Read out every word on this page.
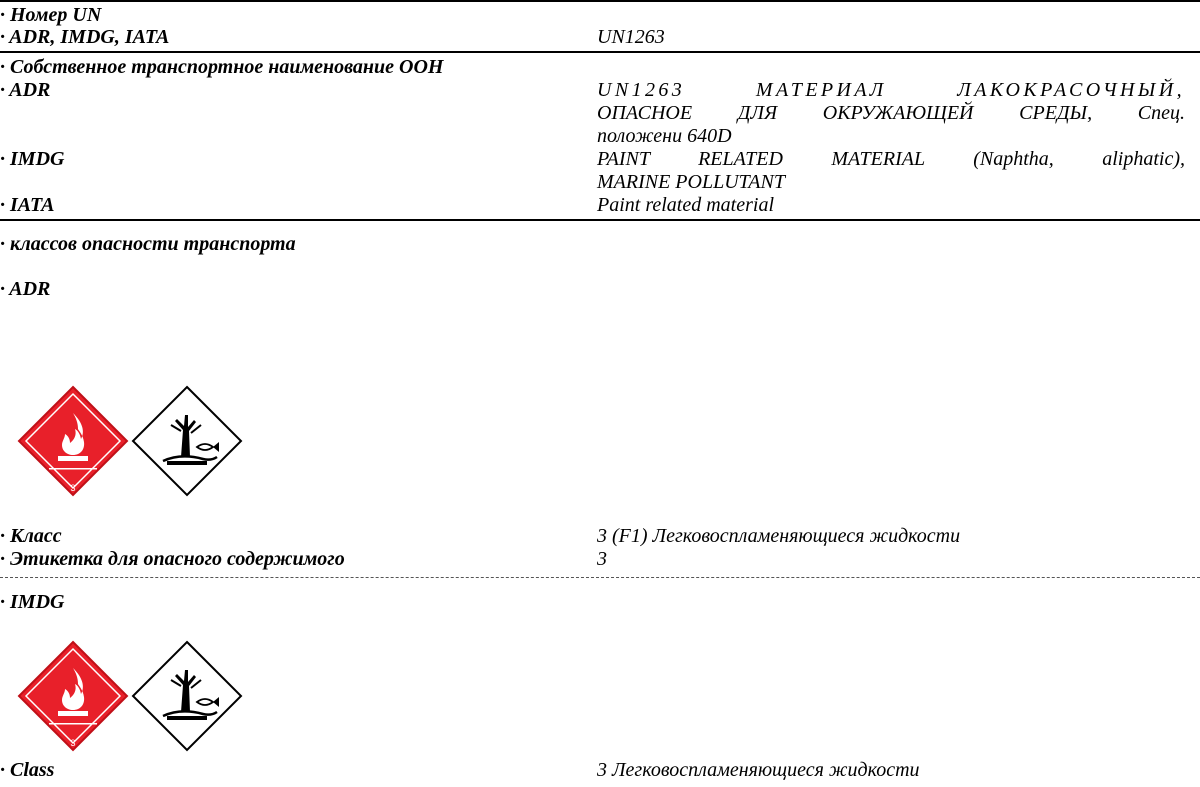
· Номер UN
· ADR, IMDG, IATA	UN1263
· Собственное транспортное наименование ООН
· ADR	UN1263 МАТЕРИАЛ ЛАКОКРАСОЧНЫЙ,
ОПАСНОЕ ДЛЯ ОКРУЖАЮЩЕЙ СРЕДЫ, Спец.
положени 640D
· IMDG	PAINT RELATED MATERIAL (Naphtha, aliphatic),
MARINE POLLUTANT
· IATA	Paint related material
· классов опасности транспорта
· ADR
3
· Класс	3 (F1) Легковоспламеняющиеся жидкости
· Этикетка для опасного содержимого	3
· IMDG
3
· Class	3 Легковоспламеняющиеся жидкости
